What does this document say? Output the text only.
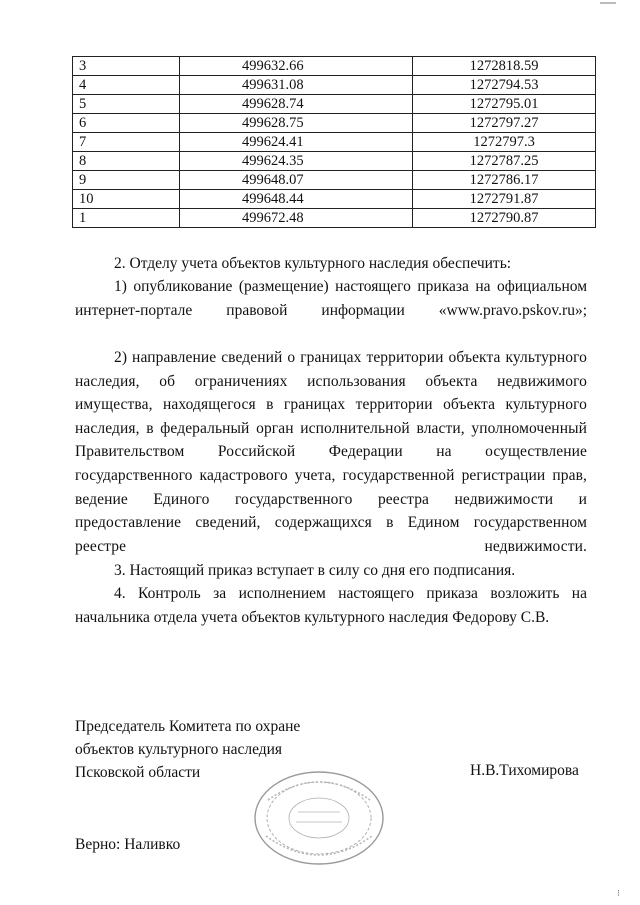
3	499632.66	1272818.59
4	499631.08	1272794.53
5	499628.74	1272795.01
6	499628.75	1272797.27
7	499624.41	1272797.3
8	499624.35	1272787.25
9	499648.07	1272786.17
10	499648.44	1272791.87
1	499672.48	1272790.87
2. Отделу учета объектов культурного наследия обеспечить:
1) опубликование (размещение) настоящего приказа на официальном интернет-портале правовой информации «www.pravo.pskov.ru»;
2) направление сведений о границах территории объекта культурного наследия, об ограничениях использования объекта недвижимого имущества, находящегося в границах территории объекта культурного наследия, в федеральный орган исполнительной власти, уполномоченный Правительством Российской Федерации на осуществление государственного кадастрового учета, государственной регистрации прав, ведение Единого государственного реестра недвижимости и предоставление сведений, содержащихся в Едином государственном реестре недвижимости.
3. Настоящий приказ вступает в силу со дня его подписания.
4. Контроль за исполнением настоящего приказа возложить на начальника отдела учета объектов культурного наследия Федорову С.В.
Председатель Комитета по охране
объектов культурного наследия
Псковской области	Н.В.Тихомирова
Верно: Наливко
⁝
